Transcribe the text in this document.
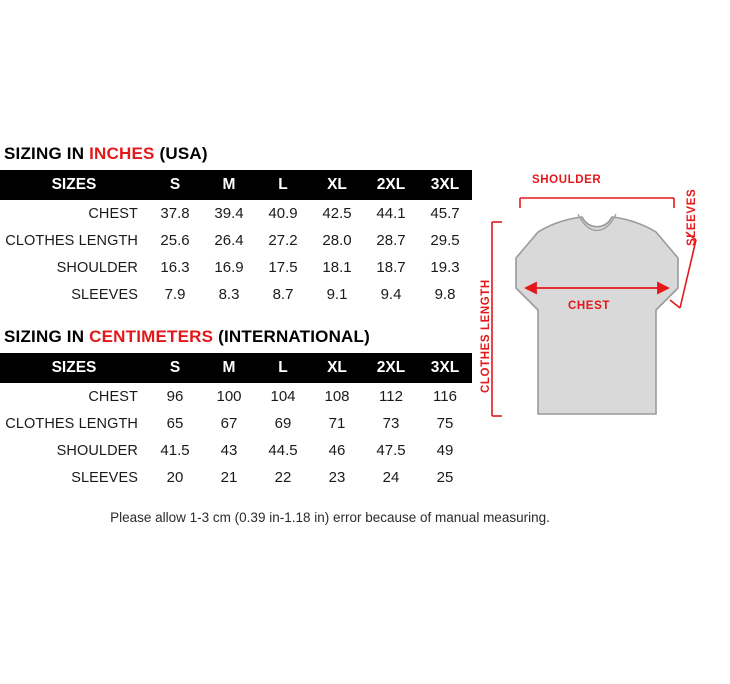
SIZING IN INCHES (USA)
SIZES	S	M	L	XL	2XL	3XL
CHEST	37.8	39.4	40.9	42.5	44.1	45.7
CLOTHES LENGTH	25.6	26.4	27.2	28.0	28.7	29.5
SHOULDER	16.3	16.9	17.5	18.1	18.7	19.3
SLEEVES	7.9	8.3	8.7	9.1	9.4	9.8
SIZING IN CENTIMETERS (INTERNATIONAL)
SIZES	S	M	L	XL	2XL	3XL
CHEST	96	100	104	108	112	116
CLOTHES LENGTH	65	67	69	71	73	75
SHOULDER	41.5	43	44.5	46	47.5	49
SLEEVES	20	21	22	23	24	25
Please allow 1-3 cm (0.39 in-1.18 in) error because of manual measuring.
SHOULDER
SLEEVES
CHEST
CLOTHES LENGTH
